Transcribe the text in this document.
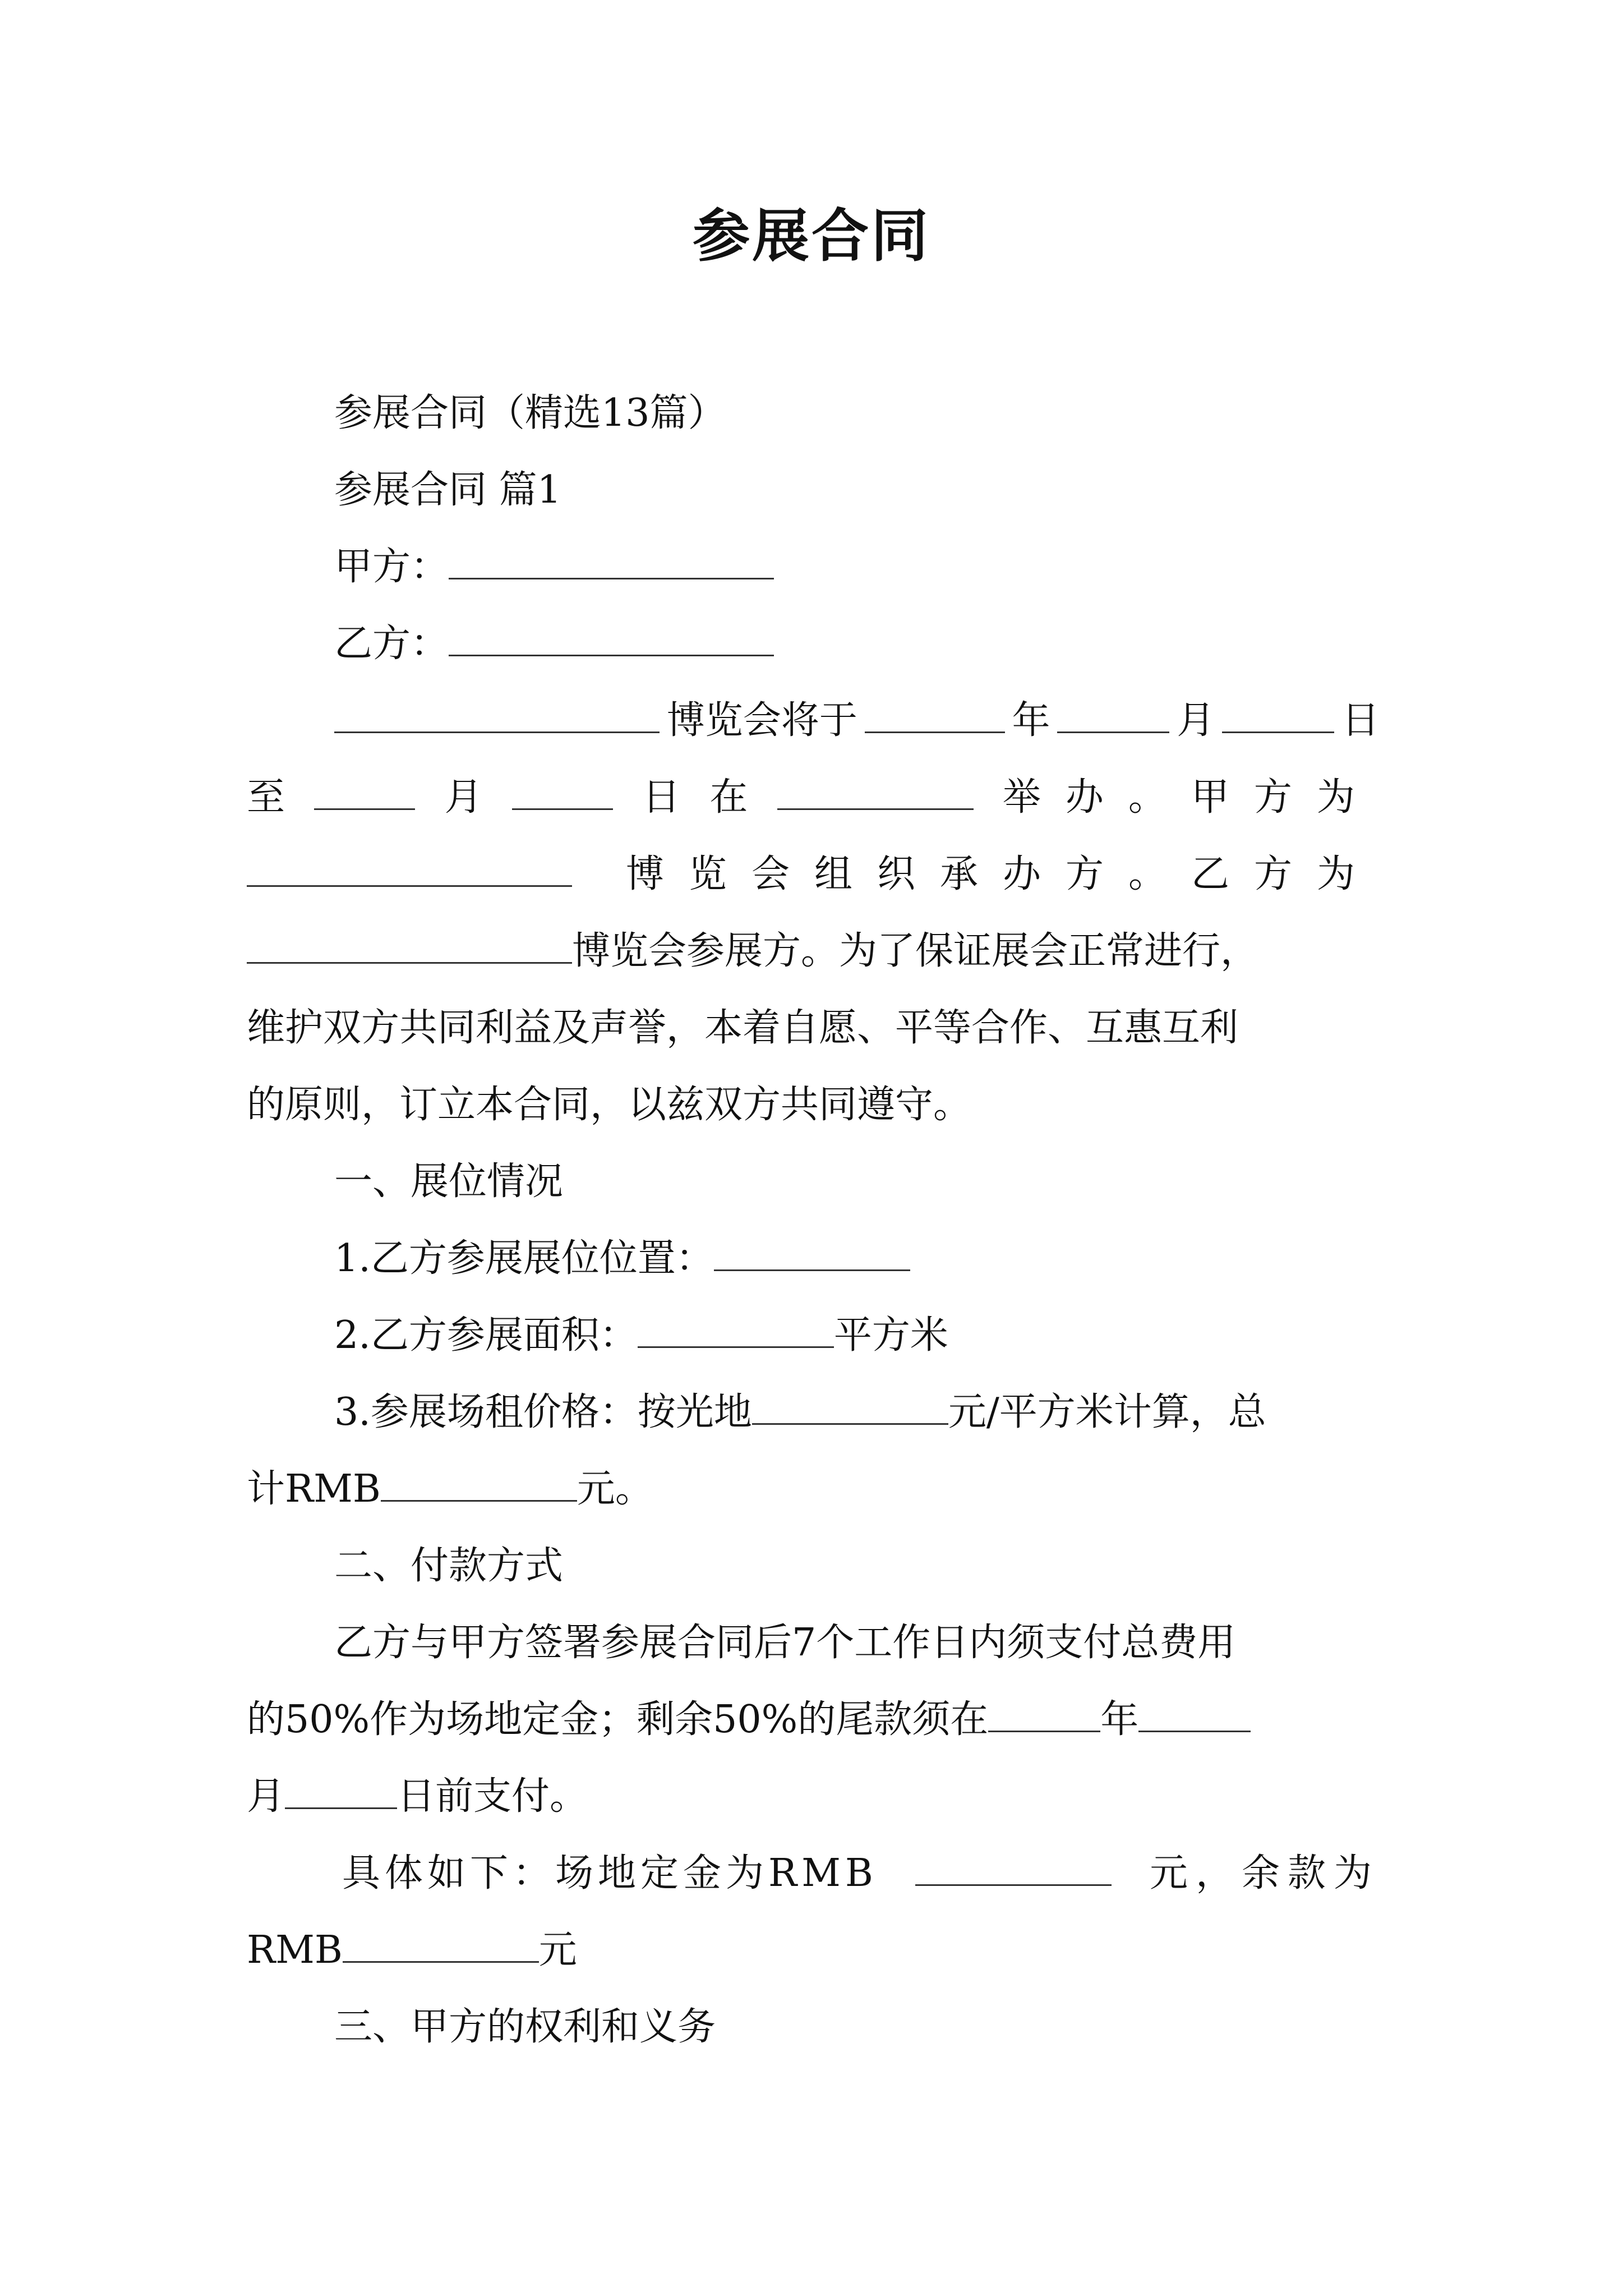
参展合同

参展合同（精选13篇）

参展合同 篇1

甲方：

乙方：

博览会将于	年	月	日
至	月	日 在	举办。甲方为
博览会组织承办方。乙方为

博览会参展方。为了保证展会正常进行，

维护双方共同利益及声誉，本着自愿、平等合作、互惠互利

的原则，订立本合同，以兹双方共同遵守。

一、展位情况

1.乙方参展展位位置：

2.乙方参展面积：	平方米

3.参展场租价格：按光地	元/平方米计算，总

计RMB	元。

二、付款方式

乙方与甲方签署参展合同后7个工作日内须支付总费用

的50%作为场地定金；剩余50%的尾款须在	年

月	日前支付。

具体如下：场地定金为RMB	元，余款为

RMB	元

三、甲方的权利和义务
